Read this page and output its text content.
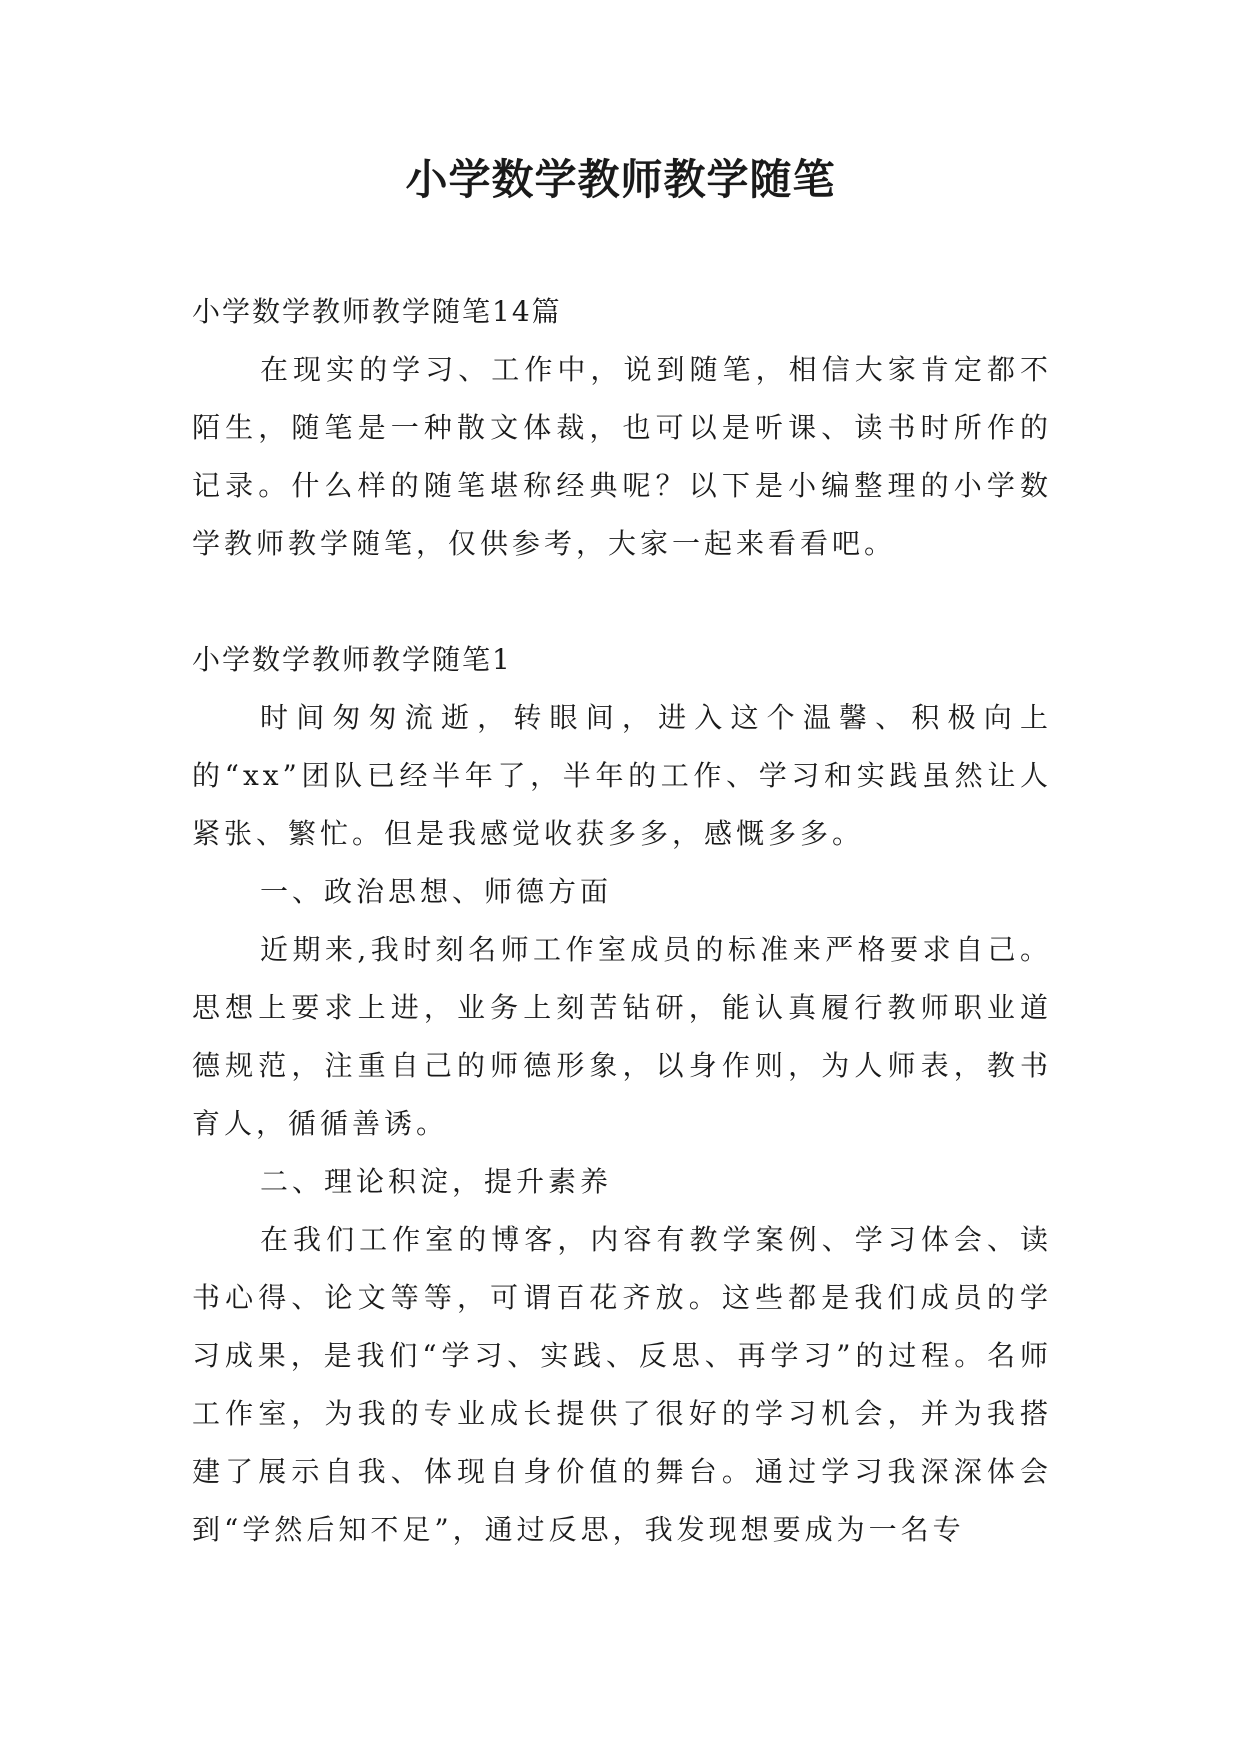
小学数学教师教学随笔

小学数学教师教学随笔14篇

在现实的学习、工作中，说到随笔，相信大家肯定都不陌生，随笔是一种散文体裁，也可以是听课、读书时所作的记录。什么样的随笔堪称经典呢？以下是小编整理的小学数学教师教学随笔，仅供参考，大家一起来看看吧。

小学数学教师教学随笔1

时间匆匆流逝，转眼间，进入这个温馨、积极向上的“xx”团队已经半年了，半年的工作、学习和实践虽然让人紧张、繁忙。但是我感觉收获多多，感慨多多。

一、政治思想、师德方面

近期来,我时刻名师工作室成员的标准来严格要求自己。思想上要求上进，业务上刻苦钻研，能认真履行教师职业道德规范，注重自己的师德形象，以身作则，为人师表，教书育人，循循善诱。

二、理论积淀，提升素养

在我们工作室的博客，内容有教学案例、学习体会、读书心得、论文等等，可谓百花齐放。这些都是我们成员的学习成果，是我们“学习、实践、反思、再学习”的过程。名师工作室，为我的专业成长提供了很好的学习机会，并为我搭建了展示自我、体现自身价值的舞台。通过学习我深深体会到“学然后知不足”，通过反思，我发现想要成为一名专
